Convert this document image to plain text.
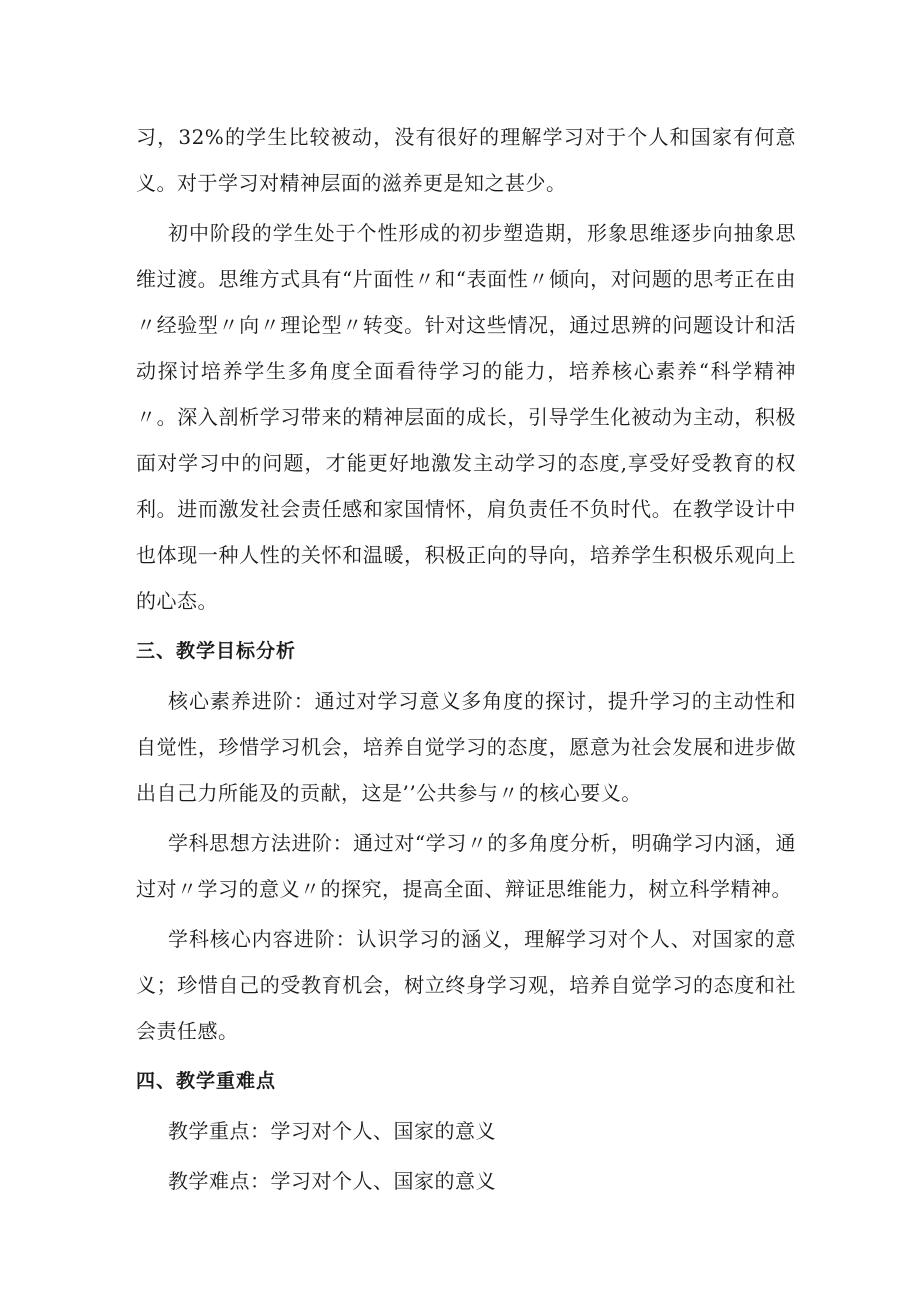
习，32%的学生比较被动，没有很好的理解学习对于个人和国家有何意义。对于学习对精神层面的滋养更是知之甚少。

初中阶段的学生处于个性形成的初步塑造期，形象思维逐步向抽象思维过渡。思维方式具有“片面性〃和“表面性〃倾向，对问题的思考正在由〃经验型〃向〃理论型〃转变。针对这些情况，通过思辨的问题设计和活动探讨培养学生多角度全面看待学习的能力，培养核心素养“科学精神〃。深入剖析学习带来的精神层面的成长，引导学生化被动为主动，积极面对学习中的问题，才能更好地激发主动学习的态度,享受好受教育的权利。进而激发社会责任感和家国情怀，肩负责任不负时代。在教学设计中也体现一种人性的关怀和温暖，积极正向的导向，培养学生积极乐观向上的心态。

三、教学目标分析

核心素养进阶：通过对学习意义多角度的探讨，提升学习的主动性和自觉性，珍惜学习机会，培养自觉学习的态度，愿意为社会发展和进步做出自己力所能及的贡献，这是’’公共参与〃的核心要义。

学科思想方法进阶：通过对“学习〃的多角度分析，明确学习内涵，通过对〃学习的意义〃的探究，提高全面、辩证思维能力，树立科学精神。

学科核心内容进阶：认识学习的涵义，理解学习对个人、对国家的意义；珍惜自己的受教育机会，树立终身学习观，培养自觉学习的态度和社会责任感。

四、教学重难点

教学重点：学习对个人、国家的意义

教学难点：学习对个人、国家的意义
